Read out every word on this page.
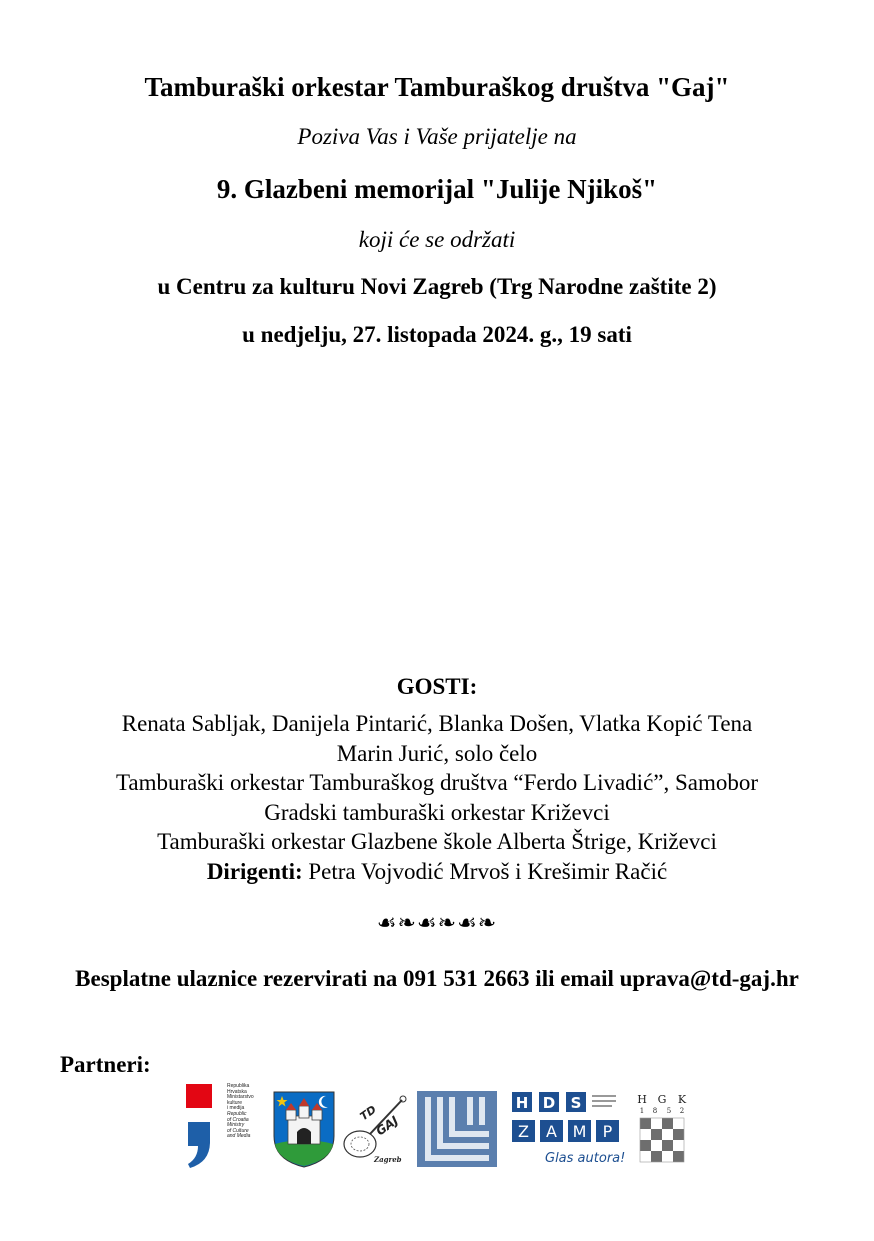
Tamburaški orkestar Tamburaškog društva "Gaj"
Poziva Vas i Vaše prijatelje na
9. Glazbeni memorijal "Julije Njikoš"
koji će se održati
u Centru za kulturu Novi Zagreb (Trg Narodne zaštite 2)
u nedjelju, 27. listopada 2024. g., 19 sati
GOSTI:
Renata Sabljak, Danijela Pintarić, Blanka Došen, Vlatka Kopić Tena
Marin Jurić, solo čelo
Tamburaški orkestar Tamburaškog društva “Ferdo Livadić”, Samobor
Gradski tamburaški orkestar Križevci
Tamburaški orkestar Glazbene škole Alberta Štrige, Križevci
Dirigenti: Petra Vojvodić Mrvoš i Krešimir Račić
☙❧☙❧☙❧
Besplatne ulaznice rezervirati na 091 531 2663 ili email uprava@td-gaj.hr
Partneri:
Republika
Hrvatska
Ministarstvo
kulture
i medija
Republic
of Croatia
Ministry
of Culture
and Media
TD
GAJ
Zagreb
H D S
Z A M P
Glas autora!
H G K
1 8 5 2
